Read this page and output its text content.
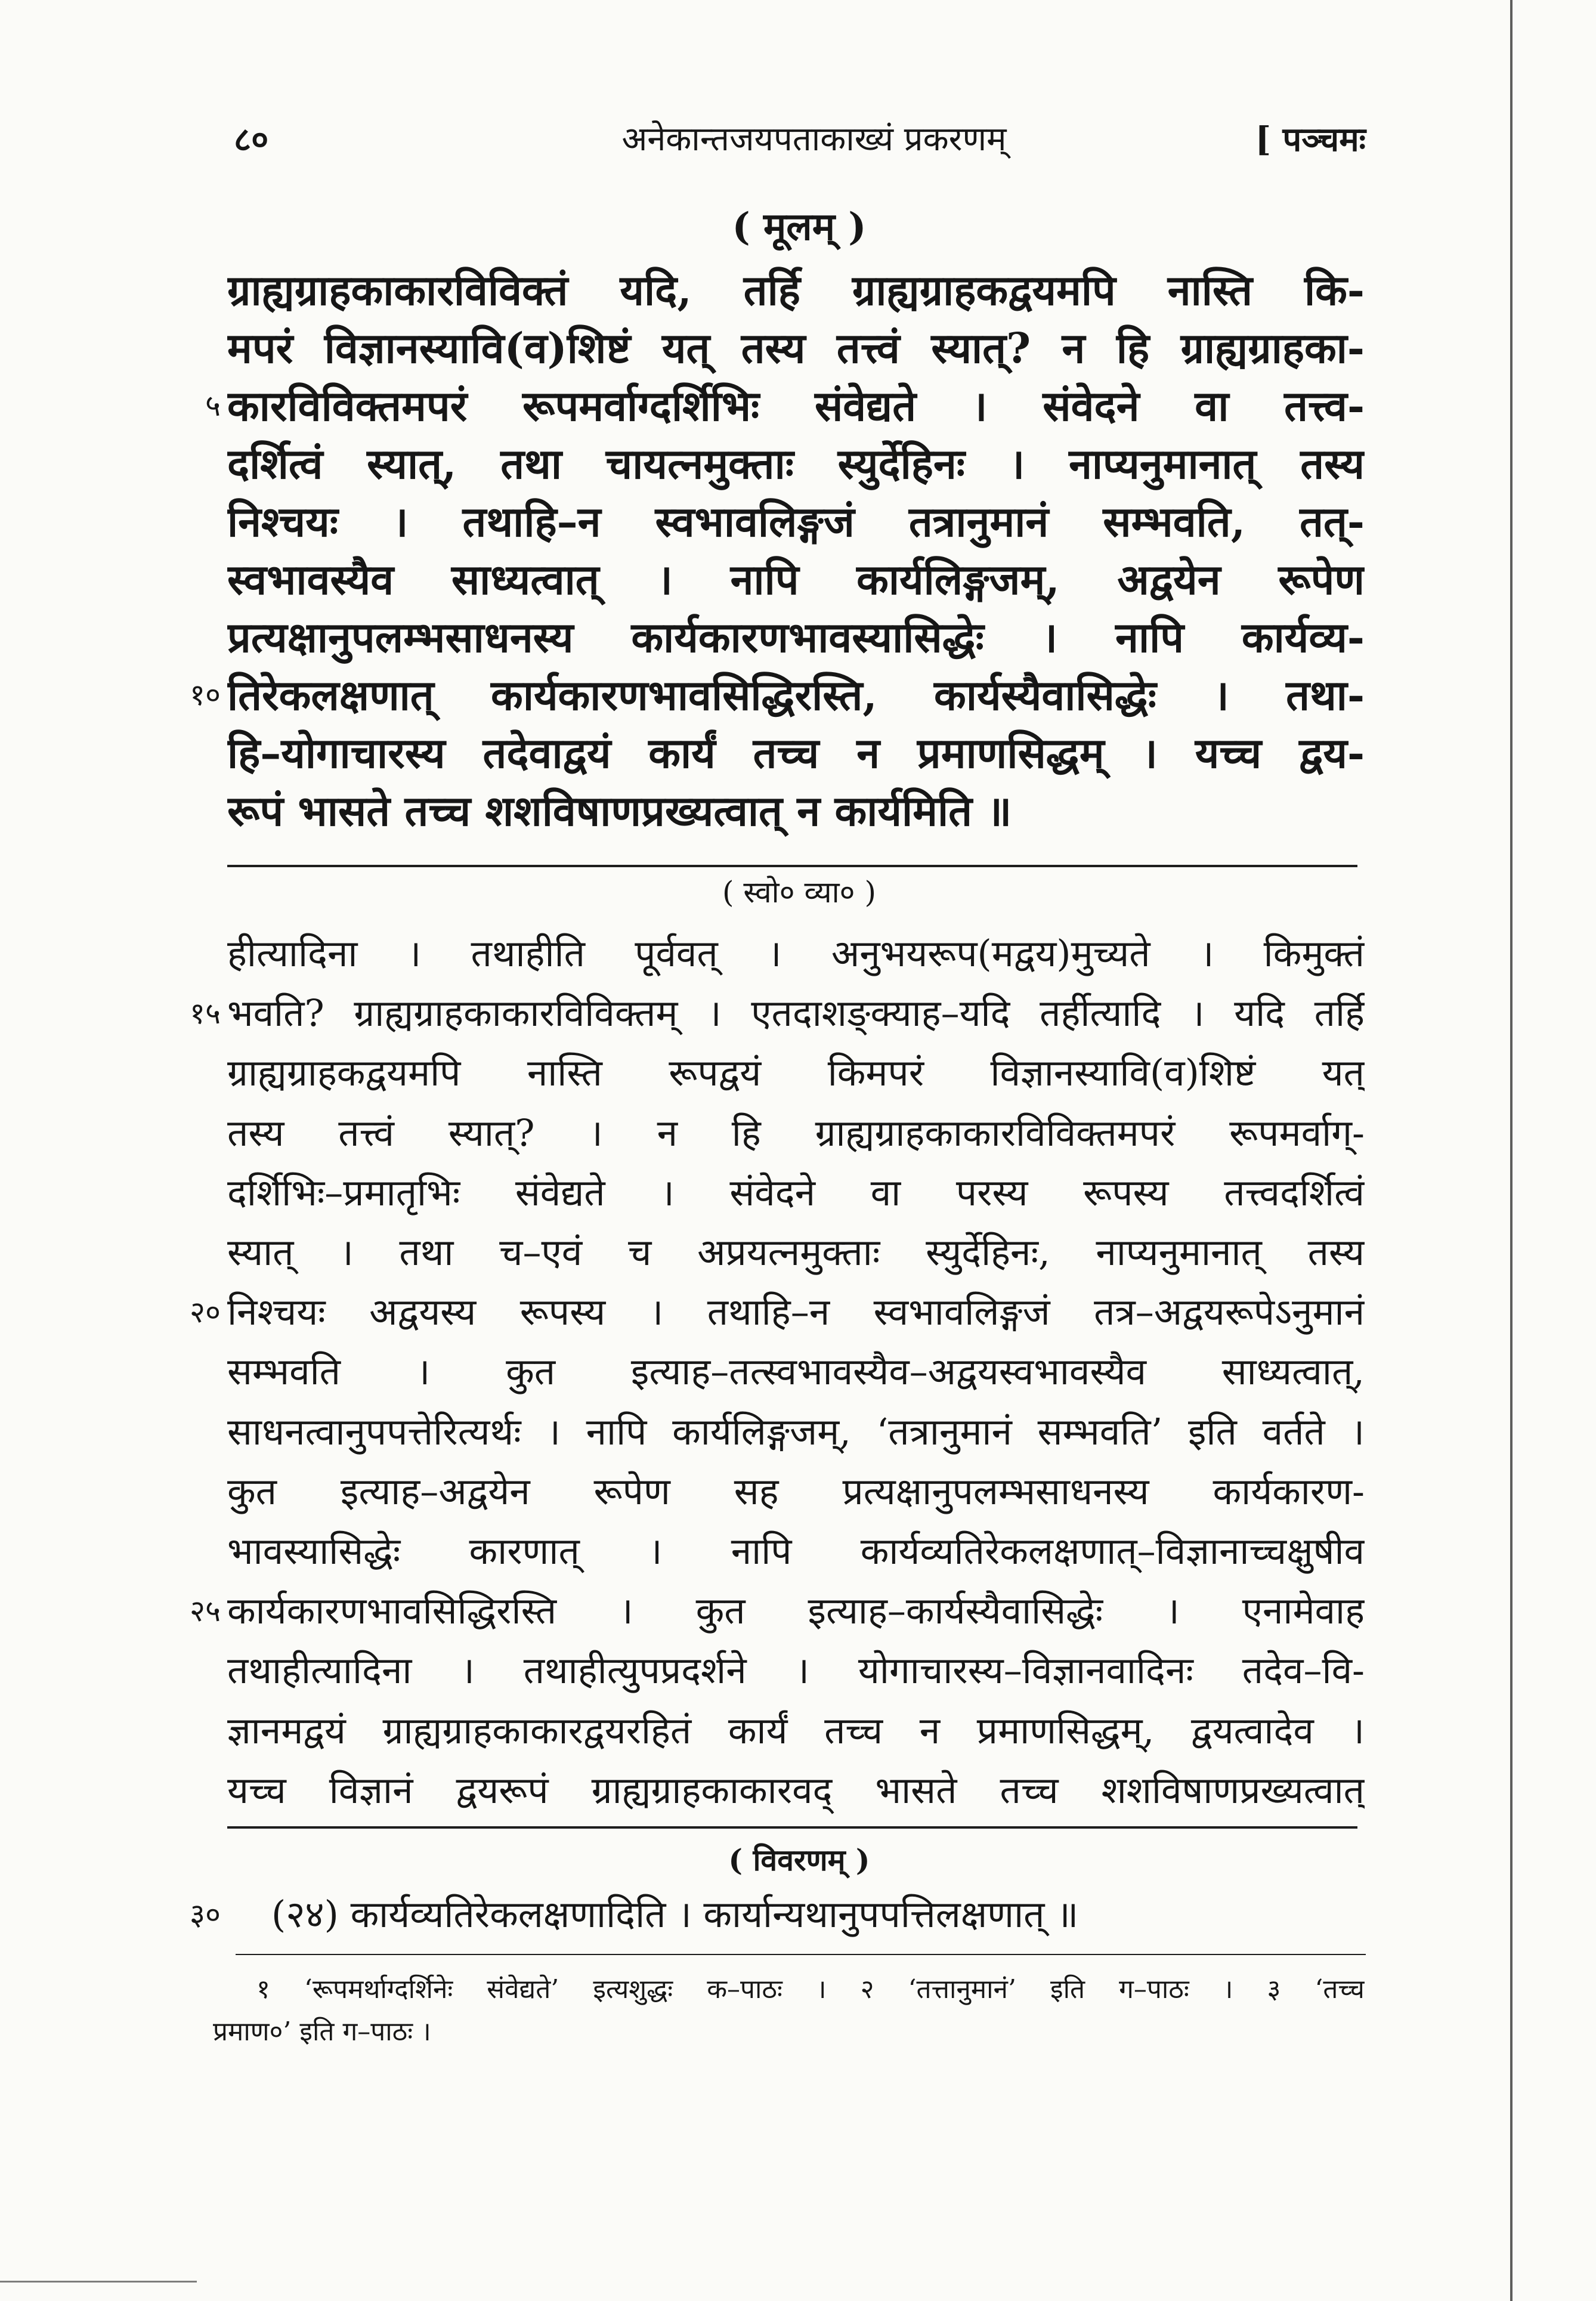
८०	अनेकान्तजयपताकाख्यं प्रकरणम्	[ पञ्चमः
( मूलम् )
ग्राह्यग्राहकाकारविविक्तं यदि, तर्हि ग्राह्यग्राहकद्वयमपि नास्ति कि-
मपरं विज्ञानस्यावि(व)शिष्टं यत् तस्य तत्त्वं स्यात्? न हि ग्राह्यग्राहका-
५ कारविविक्तमपरं रूपमर्वाग्दर्शिभिः संवेद्यते । संवेदने वा तत्त्व-
दर्शित्वं स्यात्, तथा चायत्नमुक्ताः स्युर्देहिनः । नाप्यनुमानात् तस्य
निश्चयः । तथाहि–न स्वभावलिङ्गजं तत्रानुमानं सम्भवति, तत्-
स्वभावस्यैव साध्यत्वात् । नापि कार्यलिङ्गजम्, अद्वयेन रूपेण
प्रत्यक्षानुपलम्भसाधनस्य कार्यकारणभावस्यासिद्धेः । नापि कार्यव्य-
१० तिरेकलक्षणात् कार्यकारणभावसिद्धिरस्ति, कार्यस्यैवासिद्धेः । तथा-
हि–योगाचारस्य तदेवाद्वयं कार्यं तच्च न प्रमाणसिद्धम् । यच्च द्वय-
रूपं भासते तच्च शशविषाणप्रख्यत्वात् न कार्यमिति ॥
( स्वो० व्या० )
हीत्यादिना । तथाहीति पूर्ववत् । अनुभयरूप(मद्वय)मुच्यते । किमुक्तं
१५ भवति? ग्राह्यग्राहकाकारविविक्तम् । एतदाशङ्क्याह–यदि तर्हीत्यादि । यदि तर्हि
ग्राह्यग्राहकद्वयमपि नास्ति रूपद्वयं किमपरं विज्ञानस्यावि(व)शिष्टं यत्
तस्य तत्त्वं स्यात्? । न हि ग्राह्यग्राहकाकारविविक्तमपरं रूपमर्वाग्-
दर्शिभिः–प्रमातृभिः संवेद्यते । संवेदने वा परस्य रूपस्य तत्त्वदर्शित्वं
स्यात् । तथा च–एवं च अप्रयत्नमुक्ताः स्युर्देहिनः, नाप्यनुमानात् तस्य
२० निश्चयः अद्वयस्य रूपस्य । तथाहि–न स्वभावलिङ्गजं तत्र–अद्वयरूपेऽनुमानं
सम्भवति । कुत इत्याह–तत्स्वभावस्यैव–अद्वयस्वभावस्यैव साध्यत्वात्,
साधनत्वानुपपत्तेरित्यर्थः । नापि कार्यलिङ्गजम्, ‘तत्रानुमानं सम्भवति’ इति वर्तते ।
कुत इत्याह–अद्वयेन रूपेण सह प्रत्यक्षानुपलम्भसाधनस्य कार्यकारण-
भावस्यासिद्धेः कारणात् । नापि कार्यव्यतिरेकलक्षणात्–विज्ञानाच्चक्षुषीव
२५ कार्यकारणभावसिद्धिरस्ति । कुत इत्याह–कार्यस्यैवासिद्धेः । एनामेवाह
तथाहीत्यादिना । तथाहीत्युपप्रदर्शने । योगाचारस्य–विज्ञानवादिनः तदेव–वि-
ज्ञानमद्वयं ग्राह्यग्राहकाकारद्वयरहितं कार्यं तच्च न प्रमाणसिद्धम्, द्वयत्वादेव ।
यच्च विज्ञानं द्वयरूपं ग्राह्यग्राहकाकारवद् भासते तच्च शशविषाणप्रख्यत्वात्
( विवरणम् )
३० (२४) कार्यव्यतिरेकलक्षणादिति । कार्यान्यथानुपपत्तिलक्षणात् ॥
१ ‘रूपमर्थाग्दर्शिनेः संवेद्यते’ इत्यशुद्धः क–पाठः । २ ‘तत्तानुमानं’ इति ग–पाठः । ३ ‘तच्च
प्रमाण०’ इति ग–पाठः ।
